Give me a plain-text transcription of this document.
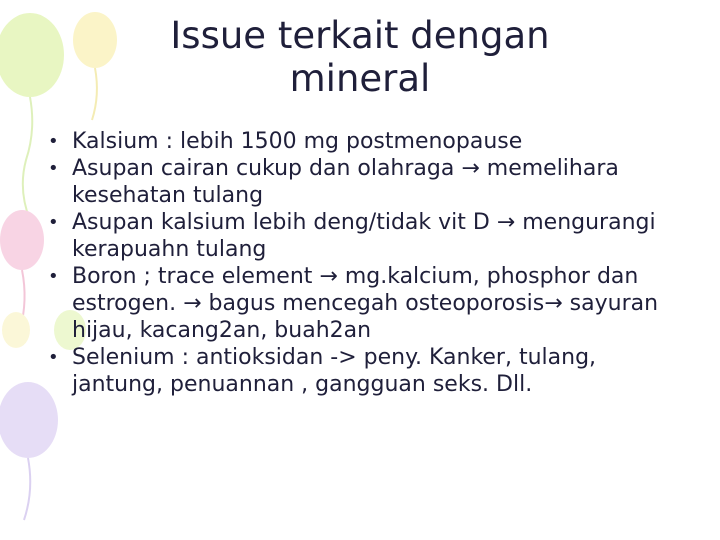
Issue terkait dengan
mineral
• Kalsium : lebih 1500 mg postmenopause
• Asupan cairan cukup dan olahraga → memelihara kesehatan tulang
• Asupan kalsium lebih deng/tidak vit D → mengurangi kerapuahn tulang
• Boron ; trace element → mg.kalcium, phosphor dan estrogen. → bagus mencegah osteoporosis→ sayuran hijau, kacang2an, buah2an
• Selenium : antioksidan -> peny. Kanker, tulang, jantung, penuannan , gangguan seks. Dll.
